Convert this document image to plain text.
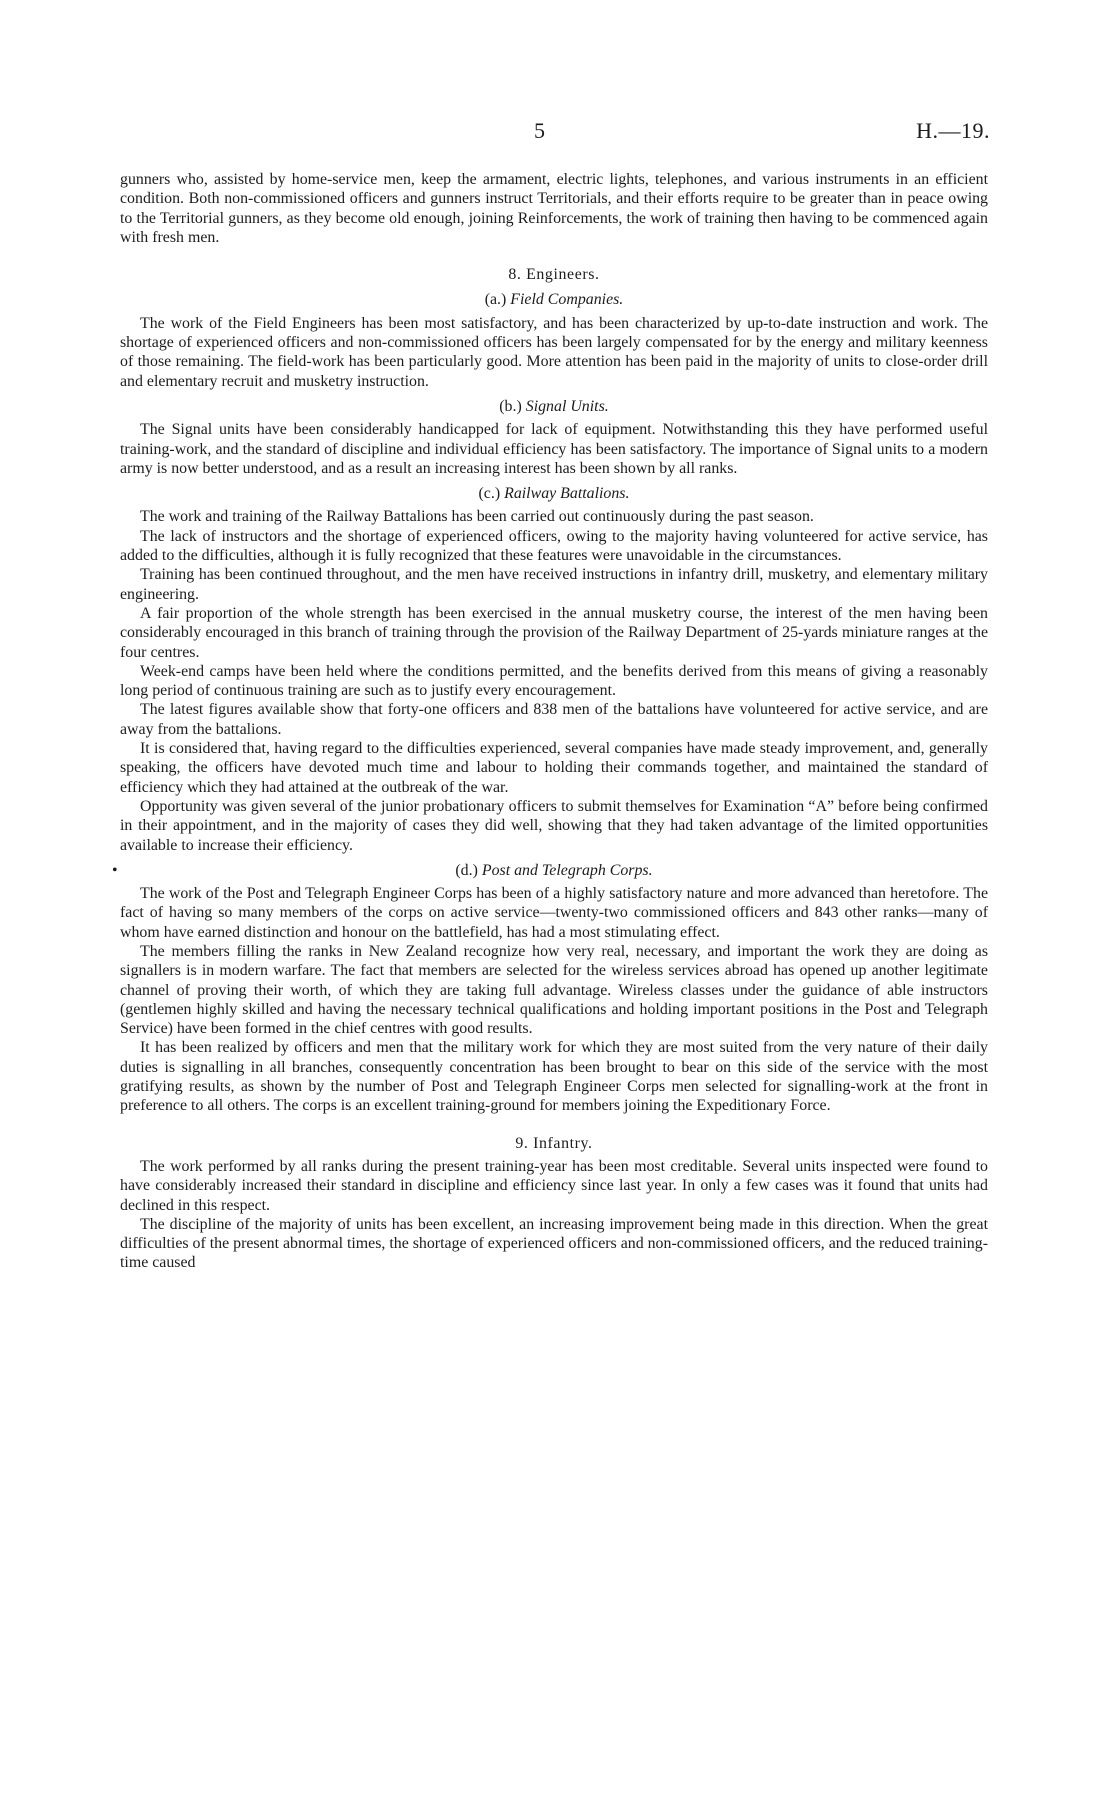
5	H.—19.

gunners who, assisted by home-service men, keep the armament, electric lights, telephones, and various instruments in an efficient condition. Both non-commissioned officers and gunners instruct Territorials, and their efforts require to be greater than in peace owing to the Territorial gunners, as they become old enough, joining Reinforcements, the work of training then having to be commenced again with fresh men.

8. Engineers.
(a.) Field Companies.

The work of the Field Engineers has been most satisfactory, and has been characterized by up-to-date instruction and work. The shortage of experienced officers and non-commissioned officers has been largely compensated for by the energy and military keenness of those remaining. The field-work has been particularly good. More attention has been paid in the majority of units to close-order drill and elementary recruit and musketry instruction.

(b.) Signal Units.

The Signal units have been considerably handicapped for lack of equipment. Notwithstanding this they have performed useful training-work, and the standard of discipline and individual efficiency has been satisfactory. The importance of Signal units to a modern army is now better understood, and as a result an increasing interest has been shown by all ranks.

(c.) Railway Battalions.

The work and training of the Railway Battalions has been carried out continuously during the past season.

The lack of instructors and the shortage of experienced officers, owing to the majority having volunteered for active service, has added to the difficulties, although it is fully recognized that these features were unavoidable in the circumstances.

Training has been continued throughout, and the men have received instructions in infantry drill, musketry, and elementary military engineering.

A fair proportion of the whole strength has been exercised in the annual musketry course, the interest of the men having been considerably encouraged in this branch of training through the provision of the Railway Department of 25-yards miniature ranges at the four centres.

Week-end camps have been held where the conditions permitted, and the benefits derived from this means of giving a reasonably long period of continuous training are such as to justify every encouragement.

The latest figures available show that forty-one officers and 838 men of the battalions have volunteered for active service, and are away from the battalions.

It is considered that, having regard to the difficulties experienced, several companies have made steady improvement, and, generally speaking, the officers have devoted much time and labour to holding their commands together, and maintained the standard of efficiency which they had attained at the outbreak of the war.

Opportunity was given several of the junior probationary officers to submit themselves for Examination “A” before being confirmed in their appointment, and in the majority of cases they did well, showing that they had taken advantage of the limited opportunities available to increase their efficiency.

•	(d.) Post and Telegraph Corps.

The work of the Post and Telegraph Engineer Corps has been of a highly satisfactory nature and more advanced than heretofore. The fact of having so many members of the corps on active service—twenty-two commissioned officers and 843 other ranks—many of whom have earned distinction and honour on the battlefield, has had a most stimulating effect.

The members filling the ranks in New Zealand recognize how very real, necessary, and important the work they are doing as signallers is in modern warfare. The fact that members are selected for the wireless services abroad has opened up another legitimate channel of proving their worth, of which they are taking full advantage. Wireless classes under the guidance of able instructors (gentlemen highly skilled and having the necessary technical qualifications and holding important positions in the Post and Telegraph Service) have been formed in the chief centres with good results.

It has been realized by officers and men that the military work for which they are most suited from the very nature of their daily duties is signalling in all branches, consequently concentration has been brought to bear on this side of the service with the most gratifying results, as shown by the number of Post and Telegraph Engineer Corps men selected for signalling-work at the front in preference to all others. The corps is an excellent training-ground for members joining the Expeditionary Force.

9. Infantry.

The work performed by all ranks during the present training-year has been most creditable. Several units inspected were found to have considerably increased their standard in discipline and efficiency since last year. In only a few cases was it found that units had declined in this respect.

The discipline of the majority of units has been excellent, an increasing improvement being made in this direction. When the great difficulties of the present abnormal times, the shortage of experienced officers and non-commissioned officers, and the reduced training-time caused
